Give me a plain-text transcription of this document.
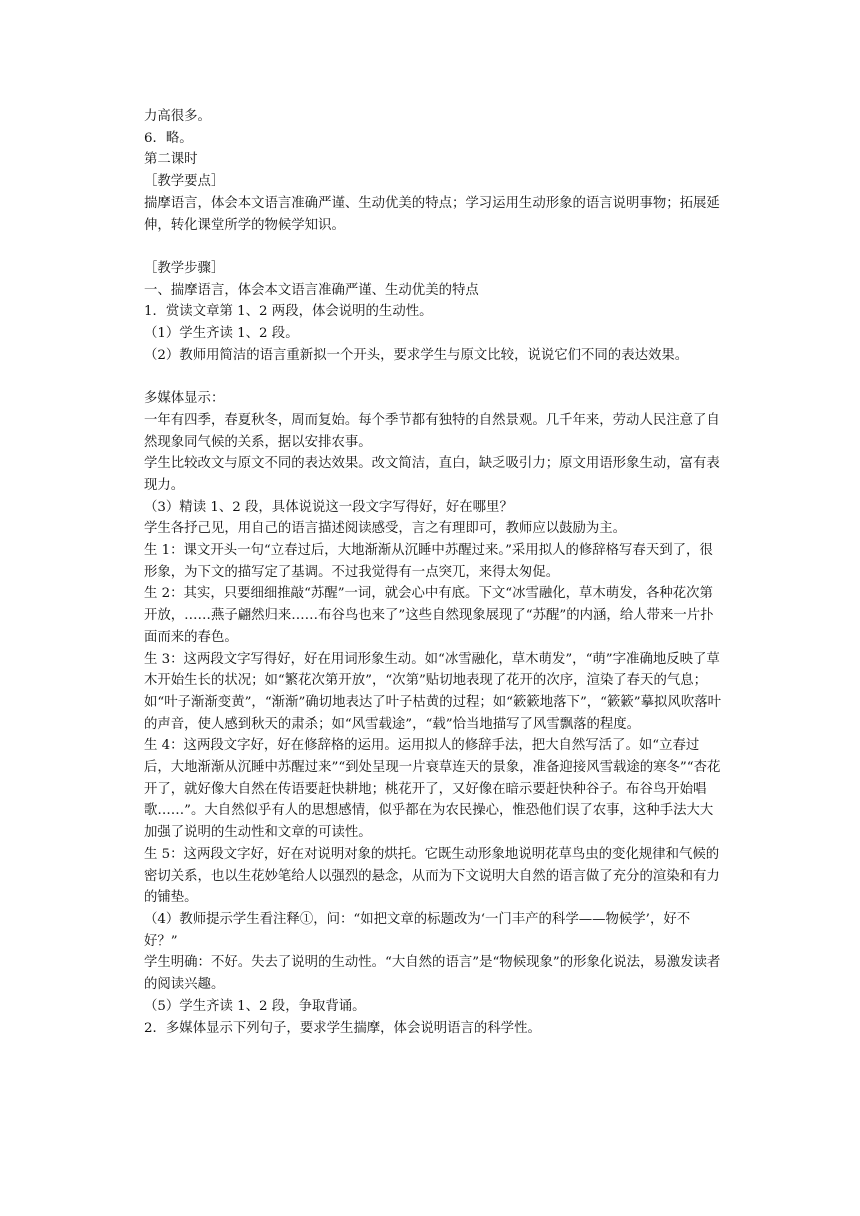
力高很多。

6．略。

第二课时

［教学要点］

揣摩语言，体会本文语言准确严谨、生动优美的特点；学习运用生动形象的语言说明事物；拓展延伸，转化课堂所学的物候学知识。

［教学步骤］

一、揣摩语言，体会本文语言准确严谨、生动优美的特点

1．赏读文章第 1、2 两段，体会说明的生动性。

（1）学生齐读 1、2 段。

（2）教师用简洁的语言重新拟一个开头，要求学生与原文比较，说说它们不同的表达效果。

多媒体显示：

一年有四季，春夏秋冬，周而复始。每个季节都有独特的自然景观。几千年来，劳动人民注意了自然现象同气候的关系，据以安排农事。

学生比较改文与原文不同的表达效果。改文简洁，直白，缺乏吸引力；原文用语形象生动，富有表现力。

（3）精读 1、2 段，具体说说这一段文字写得好，好在哪里？

学生各抒己见，用自己的语言描述阅读感受，言之有理即可，教师应以鼓励为主。

生 1：课文开头一句“立春过后，大地渐渐从沉睡中苏醒过来。”采用拟人的修辞格写春天到了，很形象，为下文的描写定了基调。不过我觉得有一点突兀，来得太匆促。

生 2：其实，只要细细推敲“苏醒”一词，就会心中有底。下文“冰雪融化，草木萌发，各种花次第开放，……燕子翩然归来……布谷鸟也来了”这些自然现象展现了“苏醒”的内涵，给人带来一片扑面而来的春色。

生 3：这两段文字写得好，好在用词形象生动。如“冰雪融化，草木萌发”，“萌”字准确地反映了草木开始生长的状况；如“繁花次第开放”，“次第”贴切地表现了花开的次序，渲染了春天的气息；如“叶子渐渐变黄”，“渐渐”确切地表达了叶子枯黄的过程；如“簌簌地落下”，“簌簌”摹拟风吹落叶的声音，使人感到秋天的肃杀；如“风雪载途”，“载”恰当地描写了风雪飘落的程度。

生 4：这两段文字好，好在修辞格的运用。运用拟人的修辞手法，把大自然写活了。如“立春过后，大地渐渐从沉睡中苏醒过来”“到处呈现一片衰草连天的景象，准备迎接风雪载途的寒冬”“杏花开了，就好像大自然在传语要赶快耕地；桃花开了，又好像在暗示要赶快种谷子。布谷鸟开始唱歌……”。大自然似乎有人的思想感情，似乎都在为农民操心，惟恐他们误了农事，这种手法大大加强了说明的生动性和文章的可读性。

生 5：这两段文字好，好在对说明对象的烘托。它既生动形象地说明花草鸟虫的变化规律和气候的密切关系，也以生花妙笔给人以强烈的悬念，从而为下文说明大自然的语言做了充分的渲染和有力的铺垫。

（4）教师提示学生看注释①，问：“如把文章的标题改为‘一门丰产的科学——物候学’，好不好？”

学生明确：不好。失去了说明的生动性。“大自然的语言”是“物候现象”的形象化说法，易激发读者的阅读兴趣。

（5）学生齐读 1、2 段，争取背诵。

2．多媒体显示下列句子，要求学生揣摩，体会说明语言的科学性。
